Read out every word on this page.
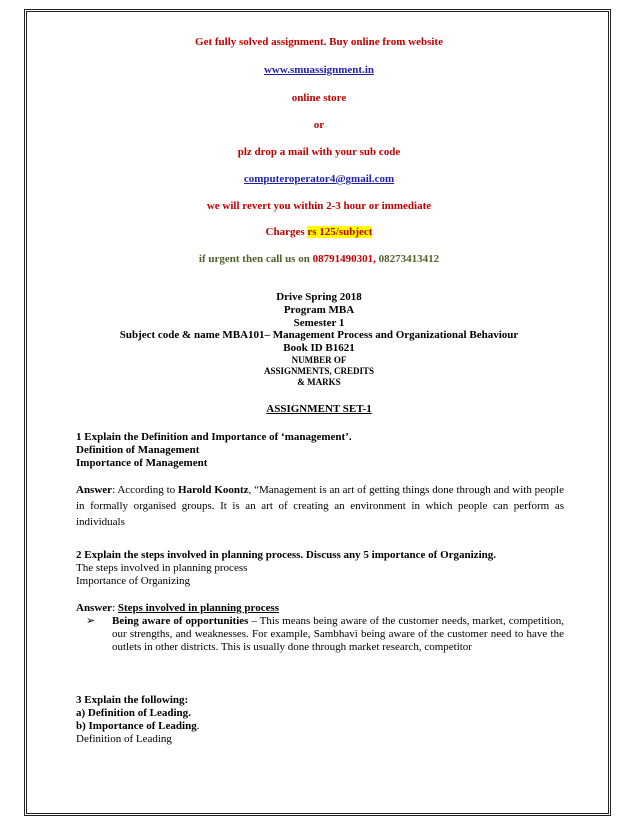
Get fully solved assignment. Buy online from website
www.smuassignment.in
online store
or
plz drop a mail with your sub code
computeroperator4@gmail.com
we will revert you within 2-3 hour or immediate
Charges rs 125/subject
if urgent then call us on 08791490301, 08273413412
Drive Spring 2018
Program MBA
Semester 1
Subject code & name MBA101– Management Process and Organizational Behaviour
Book ID B1621
NUMBER OF
ASSIGNMENTS, CREDITS
& MARKS
ASSIGNMENT SET-1
1 Explain the Definition and Importance of ‘management’.
Definition of Management
Importance of Management
Answer: According to Harold Koontz, “Management is an art of getting things done through and with people in formally organised groups. It is an art of creating an environment in which people can perform as individuals
2 Explain the steps involved in planning process. Discuss any 5 importance of Organizing.
The steps involved in planning process
Importance of Organizing
Answer: Steps involved in planning process
➢ Being aware of opportunities – This means being aware of the customer needs, market, competition, our strengths, and weaknesses. For example, Sambhavi being aware of the customer need to have the outlets in other districts. This is usually done through market research, competitor
3 Explain the following:
a) Definition of Leading.
b) Importance of Leading.
Definition of Leading
